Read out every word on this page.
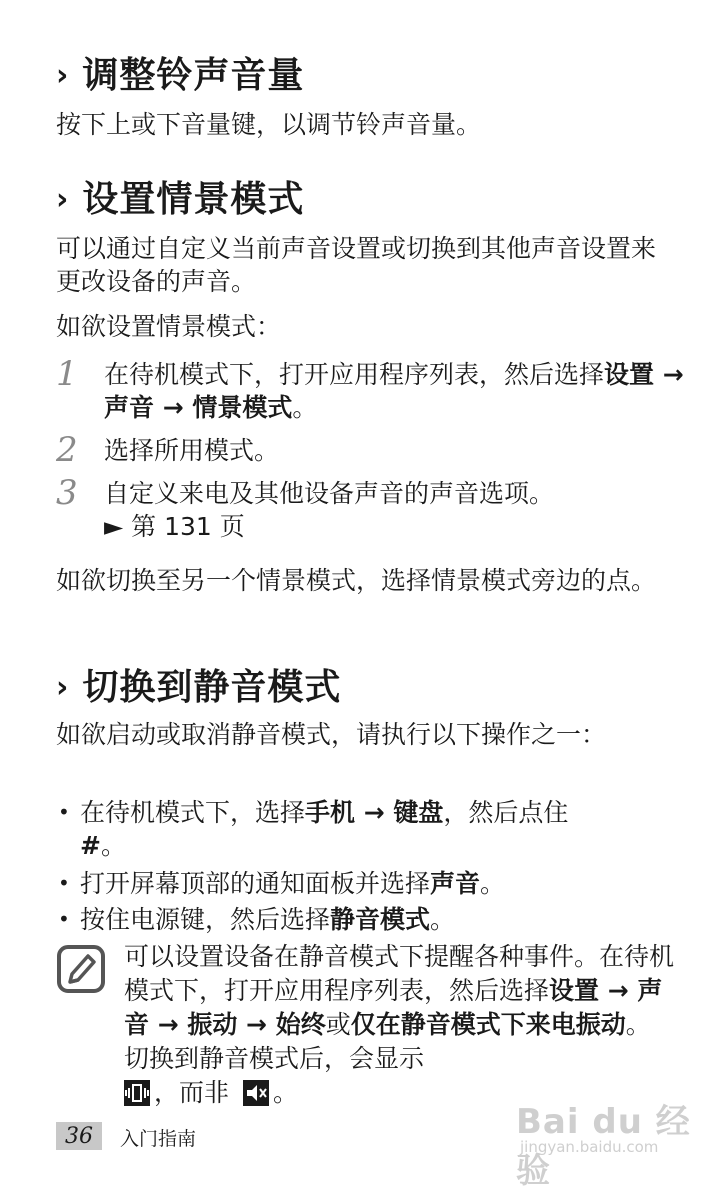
› 调整铃声音量
按下上或下音量键，以调节铃声音量。
› 设置情景模式
可以通过自定义当前声音设置或切换到其他声音设置来更改设备的声音。
如欲设置情景模式：
1 在待机模式下，打开应用程序列表，然后选择设置 → 声音 → 情景模式。
2 选择所用模式。
3 自定义来电及其他设备声音的声音选项。
► 第 131 页
如欲切换至另一个情景模式，选择情景模式旁边的点。
› 切换到静音模式
如欲启动或取消静音模式，请执行以下操作之一：
• 在待机模式下，选择手机 → 键盘，然后点住
#。
• 打开屏幕顶部的通知面板并选择声音。
• 按住电源键，然后选择静音模式。
可以设置设备在静音模式下提醒各种事件。在待机模式下，打开应用程序列表，然后选择设置 → 声音 → 振动 → 始终或仅在静音模式下来电振动。切换到静音模式后，会显示
，而非 。
36	入门指南	Bai du 经验
jingyan.baidu.com
